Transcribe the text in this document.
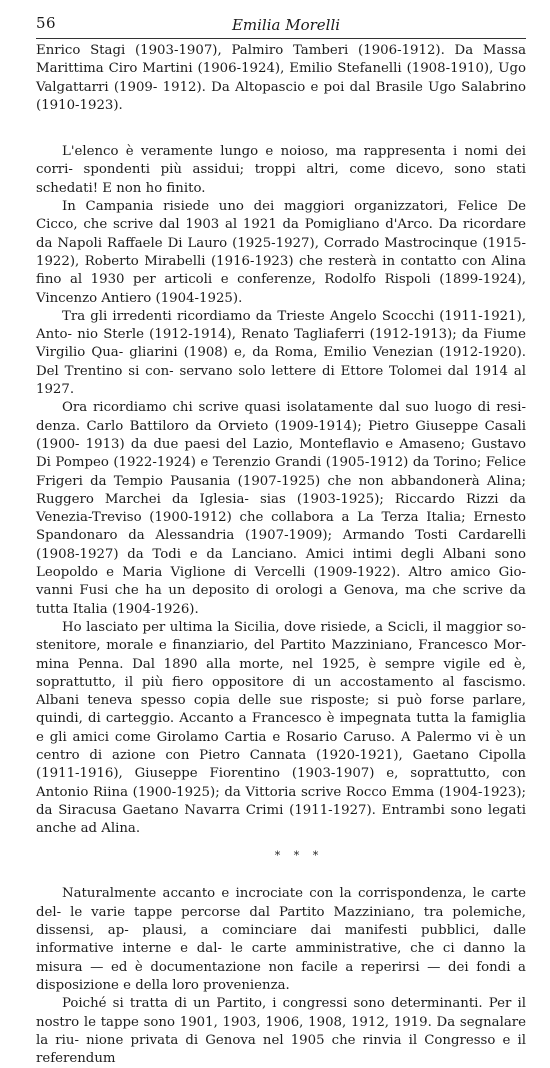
56	Emilia Morelli

Enrico Stagi (1903-1907), Palmiro Tamberi (1906-1912). Da Massa Marittima Ciro Martini (1906-1924), Emilio Stefanelli (1908-1910), Ugo Valgattarri (1909- 1912). Da Altopascio e poi dal Brasile Ugo Salabrino (1910-1923).

L'elenco è veramente lungo e noioso, ma rappresenta i nomi dei corri- spondenti più assidui; troppi altri, come dicevo, sono stati schedati! E non ho finito.

In Campania risiede uno dei maggiori organizzatori, Felice De Cicco, che scrive dal 1903 al 1921 da Pomigliano d'Arco. Da ricordare da Napoli Raffaele Di Lauro (1925-1927), Corrado Mastrocinque (1915-1922), Roberto Mirabelli (1916-1923) che resterà in contatto con Alina fino al 1930 per articoli e conferenze, Rodolfo Rispoli (1899-1924), Vincenzo Antiero (1904-1925).

Tra gli irredenti ricordiamo da Trieste Angelo Scocchi (1911-1921), Anto- nio Sterle (1912-1914), Renato Tagliaferri (1912-1913); da Fiume Virgilio Qua- gliarini (1908) e, da Roma, Emilio Venezian (1912-1920). Del Trentino si con- servano solo lettere di Ettore Tolomei dal 1914 al 1927.

Ora ricordiamo chi scrive quasi isolatamente dal suo luogo di resi- denza. Carlo Battiloro da Orvieto (1909-1914); Pietro Giuseppe Casali (1900- 1913) da due paesi del Lazio, Monteflavio e Amaseno; Gustavo Di Pompeo (1922-1924) e Terenzio Grandi (1905-1912) da Torino; Felice Frigeri da Tempio Pausania (1907-1925) che non abbandonerà Alina; Ruggero Marchei da Iglesia- sias (1903-1925); Riccardo Rizzi da Venezia-Treviso (1900-1912) che collabora a La Terza Italia; Ernesto Spandonaro da Alessandria (1907-1909); Armando Tosti Cardarelli (1908-1927) da Todi e da Lanciano. Amici intimi degli Albani sono Leopoldo e Maria Viglione di Vercelli (1909-1922). Altro amico Gio- vanni Fusi che ha un deposito di orologi a Genova, ma che scrive da tutta Italia (1904-1926).

Ho lasciato per ultima la Sicilia, dove risiede, a Scicli, il maggior so- stenitore, morale e finanziario, del Partito Mazziniano, Francesco Mor- mina Penna. Dal 1890 alla morte, nel 1925, è sempre vigile ed è, soprattutto, il più fiero oppositore di un accostamento al fascismo. Albani teneva spesso copia delle sue risposte; si può forse parlare, quindi, di carteggio. Accanto a Francesco è impegnata tutta la famiglia e gli amici come Girolamo Cartia e Rosario Caruso. A Palermo vi è un centro di azione con Pietro Cannata (1920-1921), Gaetano Cipolla (1911-1916), Giuseppe Fiorentino (1903-1907) e, soprattutto, con Antonio Riina (1900-1925); da Vittoria scrive Rocco Emma (1904-1923); da Siracusa Gaetano Navarra Crimi (1911-1927). Entrambi sono legati anche ad Alina.

* * *

Naturalmente accanto e incrociate con la corrispondenza, le carte del- le varie tappe percorse dal Partito Mazziniano, tra polemiche, dissensi, ap- plausi, a cominciare dai manifesti pubblici, dalle informative interne e dal- le carte amministrative, che ci danno la misura — ed è documentazione non facile a reperirsi — dei fondi a disposizione e della loro provenienza.

Poiché si tratta di un Partito, i congressi sono determinanti. Per il nostro le tappe sono 1901, 1903, 1906, 1908, 1912, 1919. Da segnalare la riu- nione privata di Genova nel 1905 che rinvia il Congresso e il referendum
